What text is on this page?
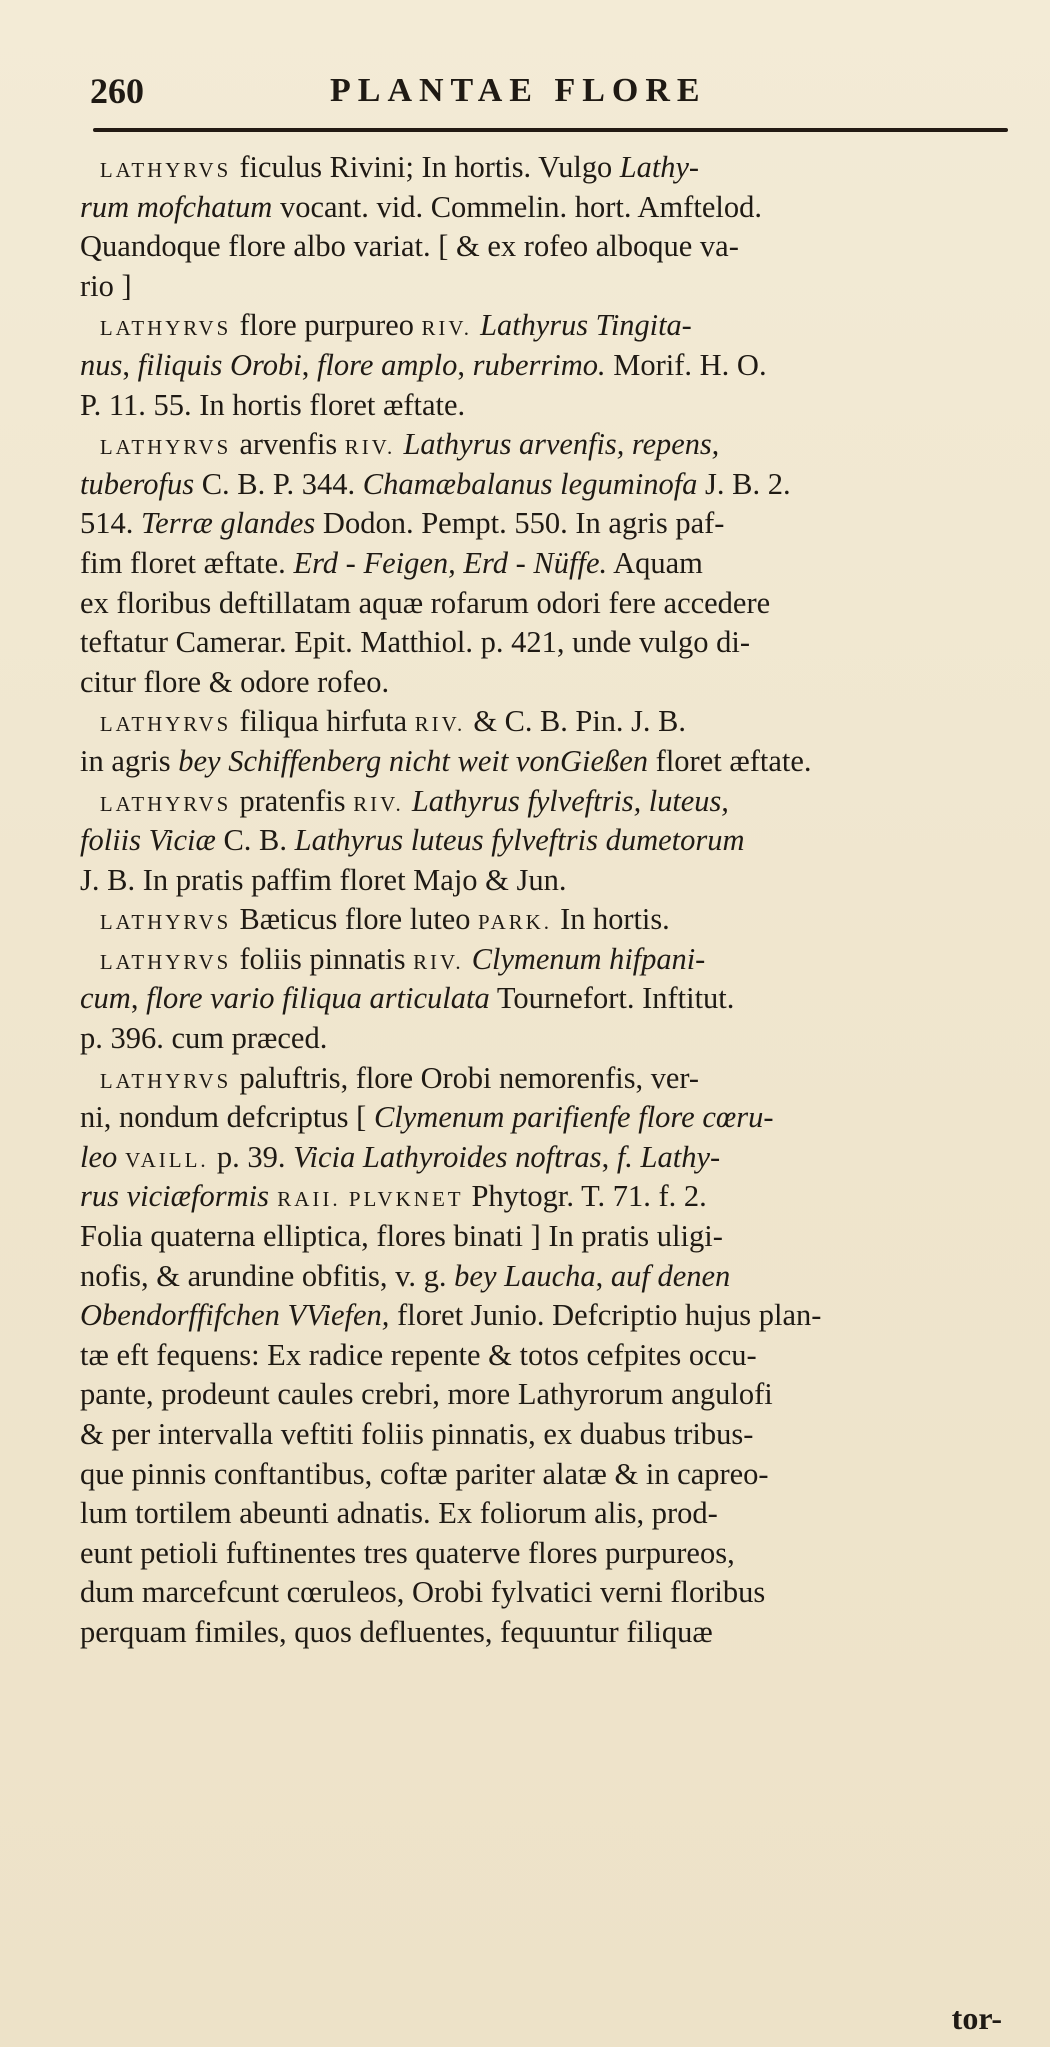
260	PLANTAE FLORE
LATHYRVS ficulus Rivini; In hortis. Vulgo Lathy-
rum mofchatum vocant. vid. Commelin. hort. Amftelod.
Quandoque flore albo variat. [ & ex rofeo alboque va-
rio ]
LATHYRVS flore purpureo RIV. Lathyrus Tingita-
nus, filiquis Orobi, flore amplo, ruberrimo. Morif. H. O.
P. 11. 55. In hortis floret æftate.
LATHYRVS arvenfis RIV. Lathyrus arvenfis, repens,
tuberofus C. B. P. 344. Chamæbalanus leguminofa J. B. 2.
514. Terræ glandes Dodon. Pempt. 550. In agris paf-
fim floret æftate. Erd - Feigen, Erd - Nüffe. Aquam
ex floribus deftillatam aquæ rofarum odori fere accedere
teftatur Camerar. Epit. Matthiol. p. 421, unde vulgo di-
citur flore & odore rofeo.
LATHYRVS filiqua hirfuta RIV. & C. B. Pin. J. B.
in agris bey Schiffenberg nicht weit vonGießen floret æftate.
LATHYRVS pratenfis RIV. Lathyrus fylveftris, luteus,
foliis Viciæ C. B. Lathyrus luteus fylveftris dumetorum
J. B. In pratis paffim floret Majo & Jun.
LATHYRVS Bæticus flore luteo PARK. In hortis.
LATHYRVS foliis pinnatis RIV. Clymenum hifpani-
cum, flore vario filiqua articulata Tournefort. Inftitut.
p. 396. cum præced.
LATHYRVS paluftris, flore Orobi nemorenfis, ver-
ni, nondum defcriptus [ Clymenum parifienfe flore cœru-
leo VAILL. p. 39. Vicia Lathyroides noftras, f. Lathy-
rus viciæformis RAII. PLVKNET Phytogr. T. 71. f. 2.
Folia quaterna elliptica, flores binati ] In pratis uligi-
nofis, & arundine obfitis, v. g. bey Laucha, auf denen
Obendorffifchen VViefen, floret Junio. Defcriptio hujus plan-
tæ eft fequens: Ex radice repente & totos cefpites occu-
pante, prodeunt caules crebri, more Lathyrorum angulofi
& per intervalla veftiti foliis pinnatis, ex duabus tribus-
que pinnis conftantibus, coftæ pariter alatæ & in capreo-
lum tortilem abeunti adnatis. Ex foliorum alis, prod-
eunt petioli fuftinentes tres quaterve flores purpureos,
dum marcefcunt cœruleos, Orobi fylvatici verni floribus
perquam fimiles, quos defluentes, fequuntur filiquæ
tor-
